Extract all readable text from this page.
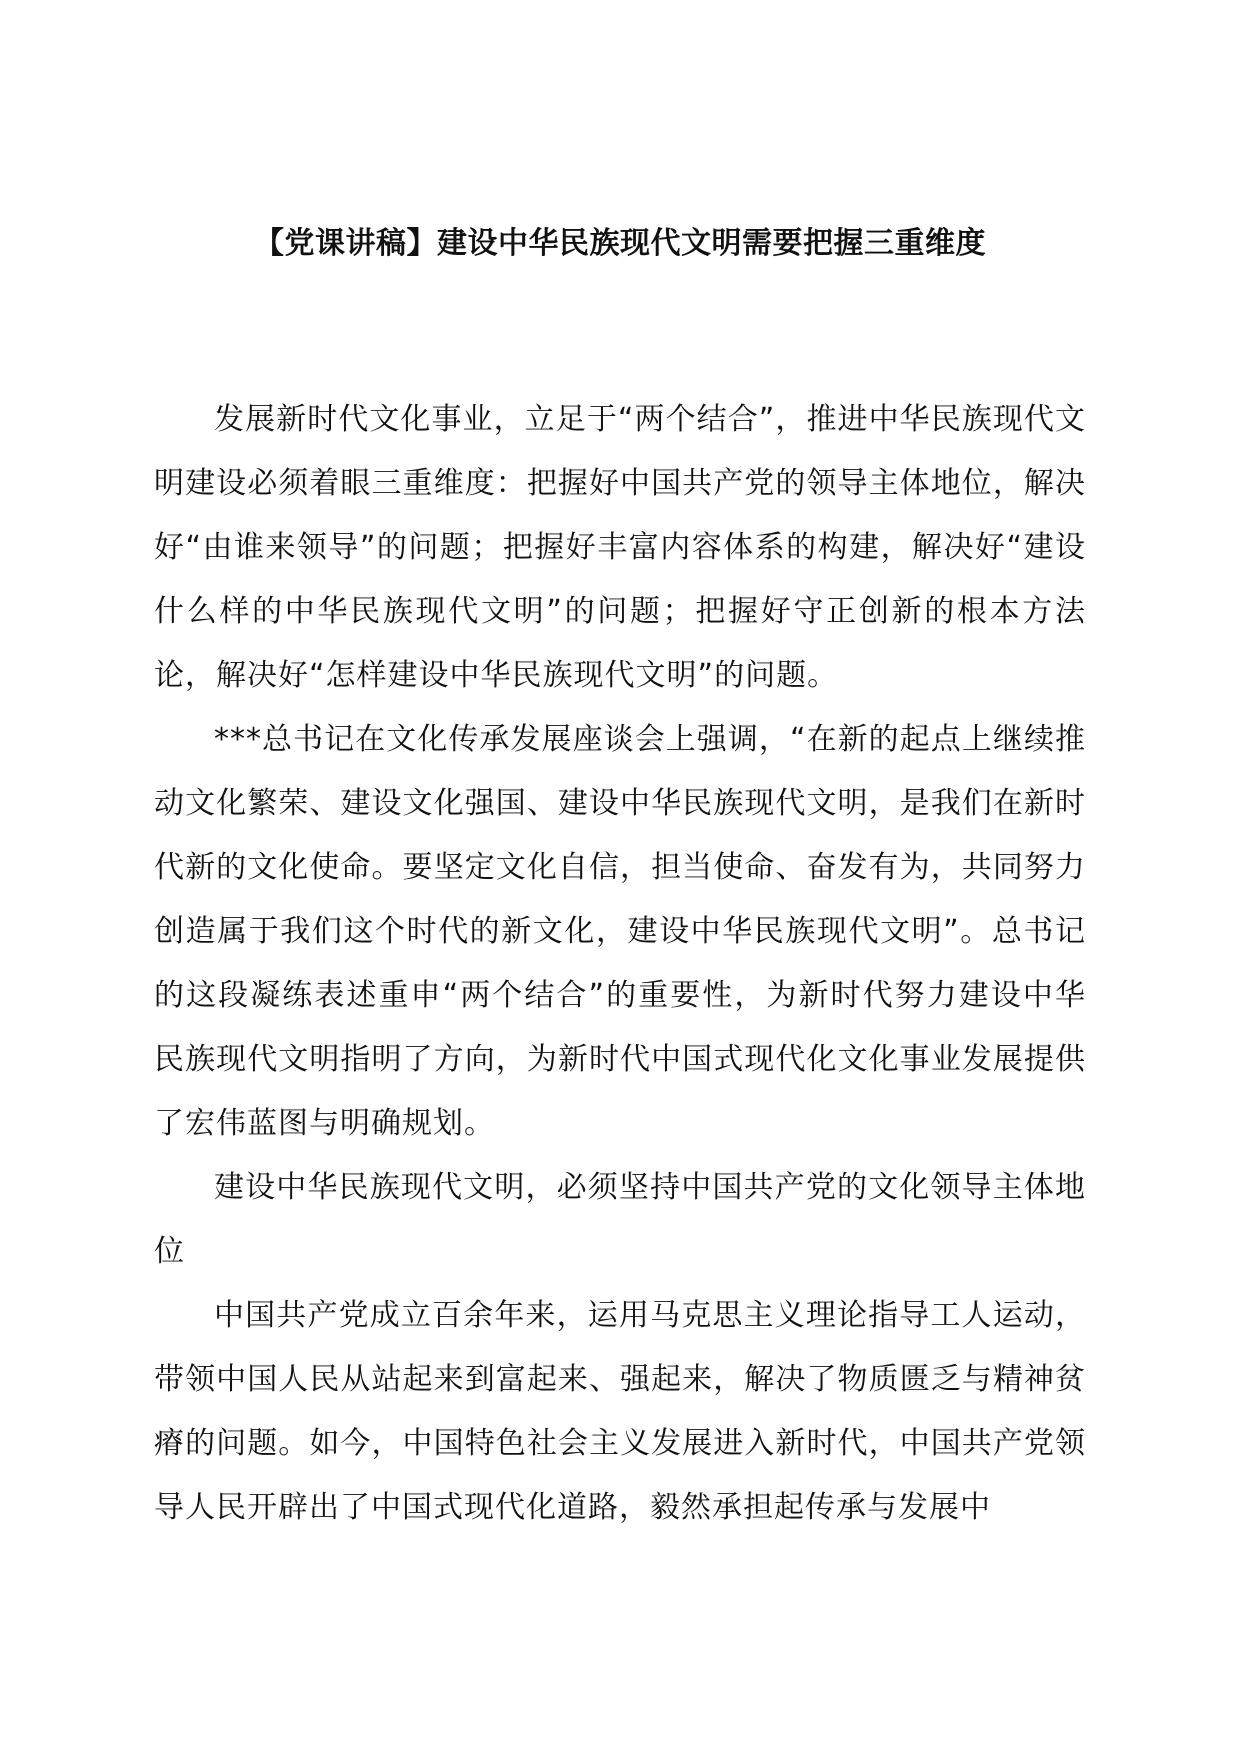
【党课讲稿】建设中华民族现代文明需要把握三重维度

发展新时代文化事业，立足于“两个结合”，推进中华民族现代文明建设必须着眼三重维度：把握好中国共产党的领导主体地位，解决好“由谁来领导”的问题；把握好丰富内容体系的构建，解决好“建设什么样的中华民族现代文明”的问题；把握好守正创新的根本方法论，解决好“怎样建设中华民族现代文明”的问题。

***总书记在文化传承发展座谈会上强调，“在新的起点上继续推动文化繁荣、建设文化强国、建设中华民族现代文明，是我们在新时代新的文化使命。要坚定文化自信，担当使命、奋发有为，共同努力创造属于我们这个时代的新文化，建设中华民族现代文明”。总书记的这段凝练表述重申“两个结合”的重要性，为新时代努力建设中华民族现代文明指明了方向，为新时代中国式现代化文化事业发展提供了宏伟蓝图与明确规划。

建设中华民族现代文明，必须坚持中国共产党的文化领导主体地位

中国共产党成立百余年来，运用马克思主义理论指导工人运动，带领中国人民从站起来到富起来、强起来，解决了物质匮乏与精神贫瘠的问题。如今，中国特色社会主义发展进入新时代，中国共产党领导人民开辟出了中国式现代化道路，毅然承担起传承与发展中
